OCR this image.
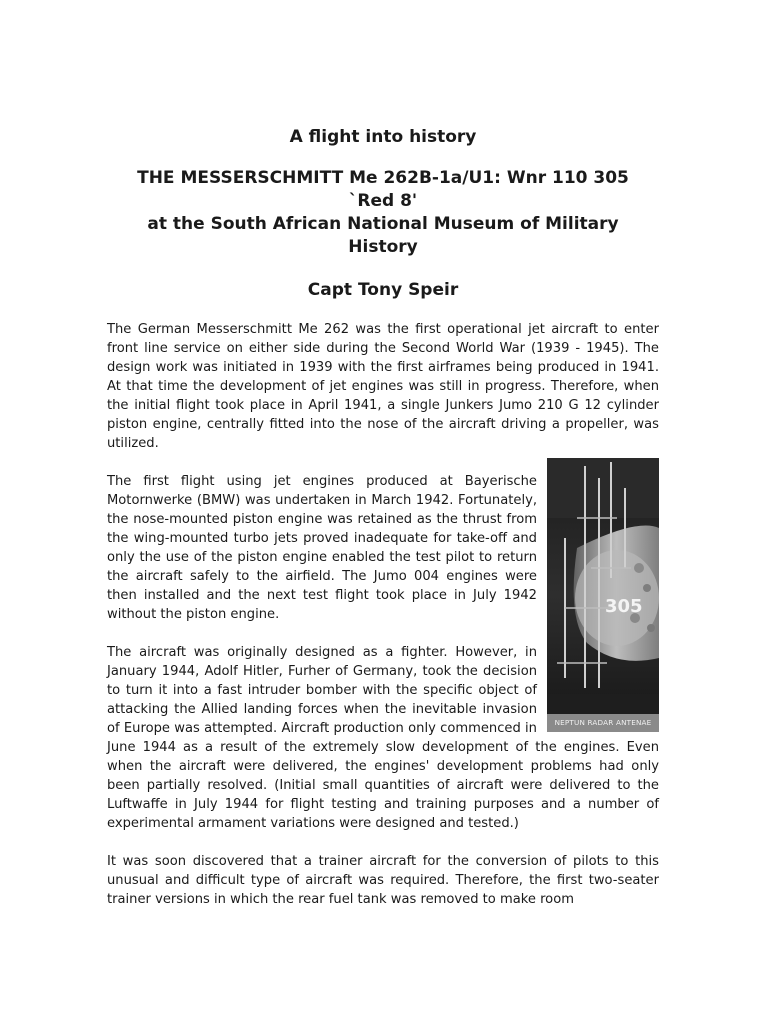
A flight into history
THE MESSERSCHMITT Me 262B-1a/U1: Wnr 110 305
`Red 8'
at the South African National Museum of Military
History
Capt Tony Speir

The German Messerschmitt Me 262 was the first operational jet aircraft to enter front line service on either side during the Second World War (1939 - 1945). The design work was initiated in 1939 with the first airframes being produced in 1941. At that time the development of jet engines was still in progress. Therefore, when the initial flight took place in April 1941, a single Junkers Jumo 210 G 12 cylinder piston engine, centrally fitted into the nose of the aircraft driving a propeller, was utilized.

305
NEPTUN RADAR ANTENAE

The first flight using jet engines produced at Bayerische Motornwerke (BMW) was undertaken in March 1942. Fortunately, the nose-mounted piston engine was retained as the thrust from the wing-mounted turbo jets proved inadequate for take-off and only the use of the piston engine enabled the test pilot to return the aircraft safely to the airfield. The Jumo 004 engines were then installed and the next test flight took place in July 1942 without the piston engine.

The aircraft was originally designed as a fighter. However, in January 1944, Adolf Hitler, Furher of Germany, took the decision to turn it into a fast intruder bomber with the specific object of attacking the Allied landing forces when the inevitable invasion of Europe was attempted. Aircraft production only commenced in June 1944 as a result of the extremely slow development of the engines. Even when the aircraft were delivered, the engines' development problems had only been partially resolved. (Initial small quantities of aircraft were delivered to the Luftwaffe in July 1944 for flight testing and training purposes and a number of experimental armament variations were designed and tested.)

It was soon discovered that a trainer aircraft for the conversion of pilots to this unusual and difficult type of aircraft was required. Therefore, the first two-seater trainer versions in which the rear fuel tank was removed to make room
